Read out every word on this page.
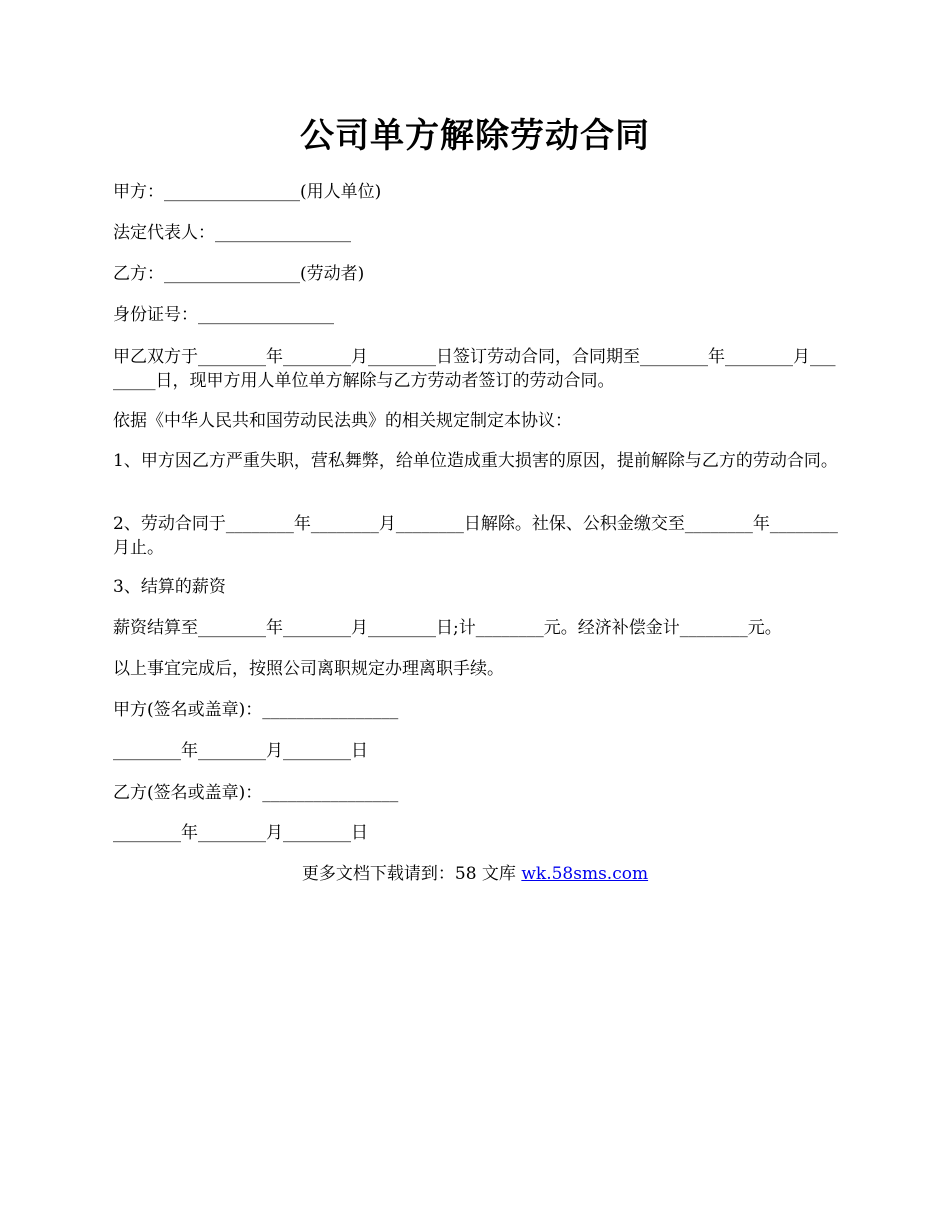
公司单方解除劳动合同
甲方：________________(用人单位)
法定代表人：________________
乙方：________________(劳动者)
身份证号：________________
甲乙双方于________年________月________日签订劳动合同，合同期至________年________月________日，现甲方用人单位单方解除与乙方劳动者签订的劳动合同。
依据《中华人民共和国劳动民法典》的相关规定制定本协议：
1、甲方因乙方严重失职，营私舞弊，给单位造成重大损害的原因，提前解除与乙方的劳动合同。
2、劳动合同于________年________月________日解除。社保、公积金缴交至________年________月止。
3、结算的薪资
薪资结算至________年________月________日;计________元。经济补偿金计________元。
以上事宜完成后，按照公司离职规定办理离职手续。
甲方(签名或盖章)：________________
________年________月________日
乙方(签名或盖章)：________________
________年________月________日
更多文档下载请到：58 文库 wk.58sms.com
